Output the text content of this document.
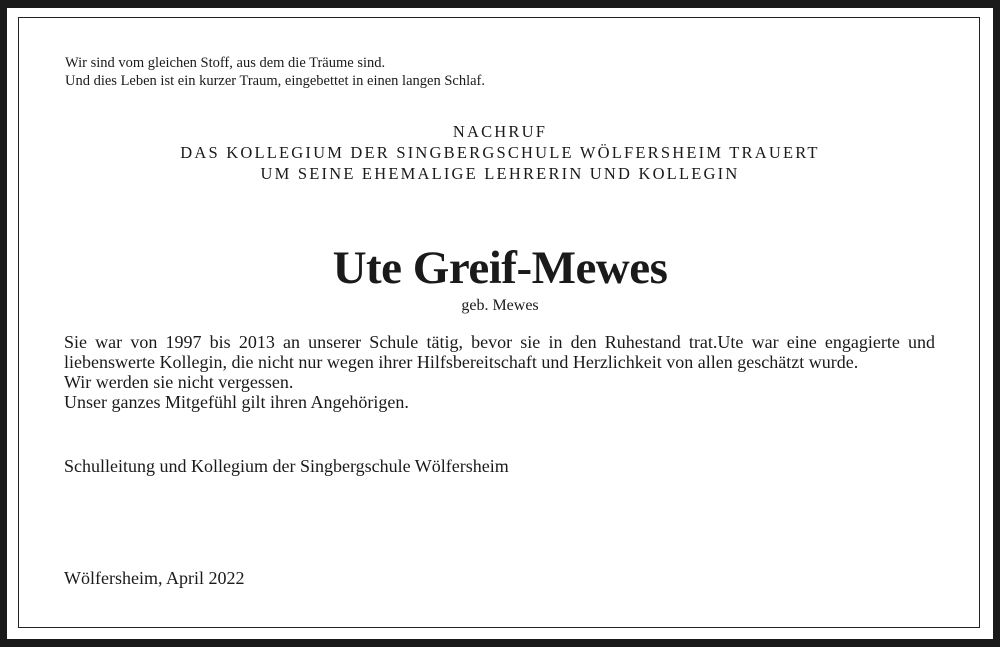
Wir sind vom gleichen Stoff, aus dem die Träume sind.
Und dies Leben ist ein kurzer Traum, eingebettet in einen langen Schlaf.
NACHRUF
DAS KOLLEGIUM DER SINGBERGSCHULE WÖLFERSHEIM TRAUERT
UM SEINE EHEMALIGE LEHRERIN UND KOLLEGIN
Ute Greif-Mewes
geb. Mewes
Sie war von 1997 bis 2013 an unserer Schule tätig, bevor sie in den Ruhestand trat.Ute war eine engagierte und liebenswerte Kollegin, die nicht nur wegen ihrer Hilfsbereitschaft und Herzlichkeit von allen geschätzt wurde.
Wir werden sie nicht vergessen.
Unser ganzes Mitgefühl gilt ihren Angehörigen.
Schulleitung und Kollegium der Singbergschule Wölfersheim
Wölfersheim, April 2022
